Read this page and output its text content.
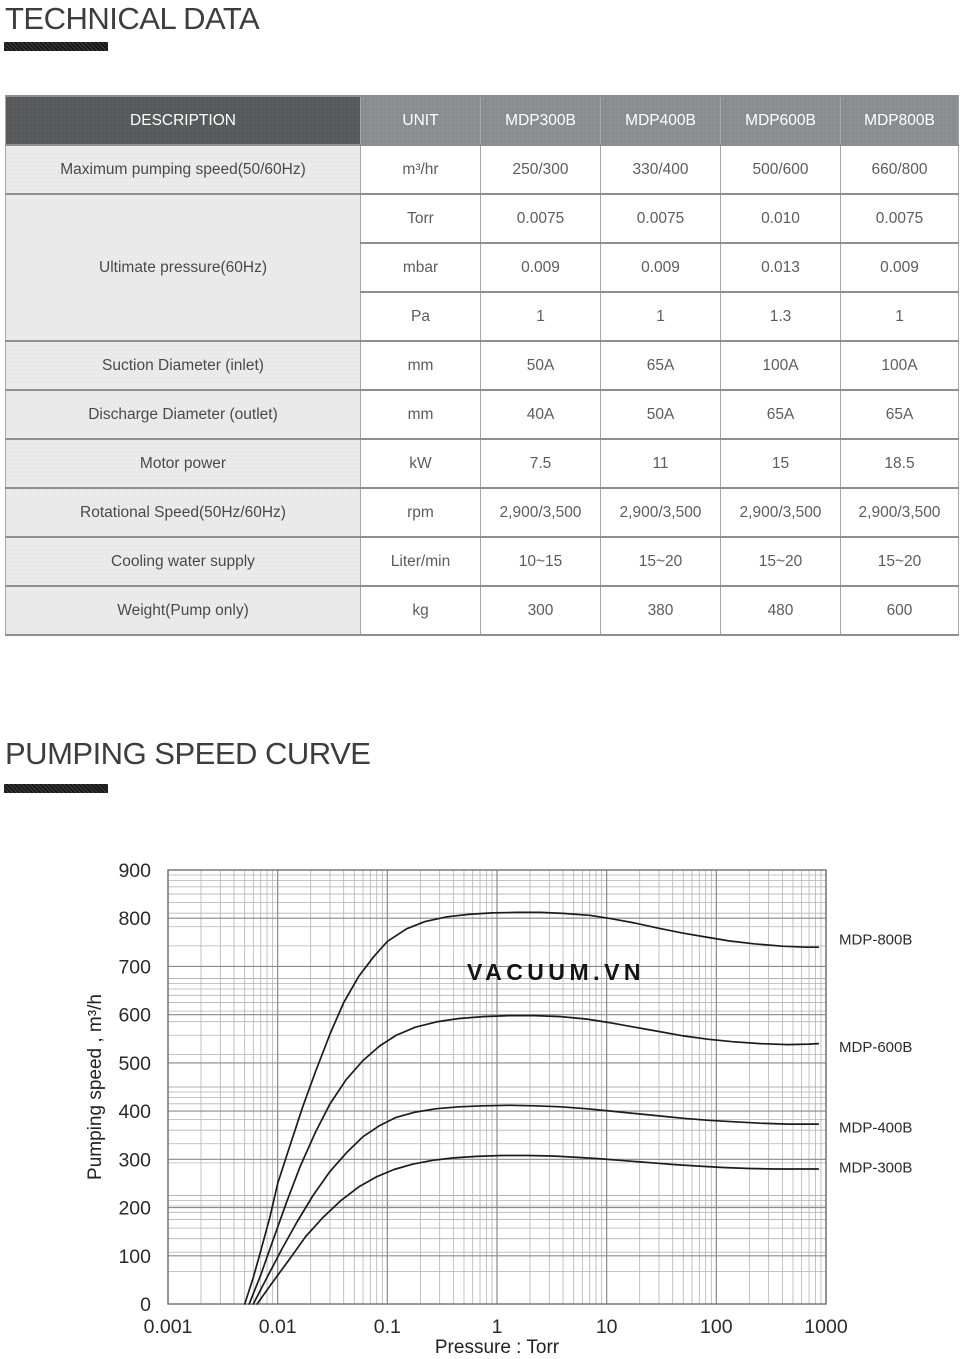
TECHNICAL DATA
DESCRIPTION	UNIT	MDP300B	MDP400B	MDP600B	MDP800B
Maximum pumping speed(50/60Hz)	m³/hr	250/300	330/400	500/600	660/800
Ultimate pressure(60Hz)	Torr	0.0075	0.0075	0.010	0.0075
	mbar	0.009	0.009	0.013	0.009
	Pa	1	1	1.3	1
Suction Diameter (inlet)	mm	50A	65A	100A	100A
Discharge Diameter (outlet)	mm	40A	50A	65A	65A
Motor power	kW	7.5	11	15	18.5
Rotational Speed(50Hz/60Hz)	rpm	2,900/3,500	2,900/3,500	2,900/3,500	2,900/3,500
Cooling water supply	Liter/min	10~15	15~20	15~20	15~20
Weight(Pump only)	kg	300	380	480	600
PUMPING SPEED CURVE
VACUUM.VN
MDP-800B
MDP-600B
MDP-400B
MDP-300B
0
100
200
300
400
500
600
700
800
900
0.001	0.01	0.1	1	10	100	1000
Pressure : Torr
Pumping speed , m³/h
